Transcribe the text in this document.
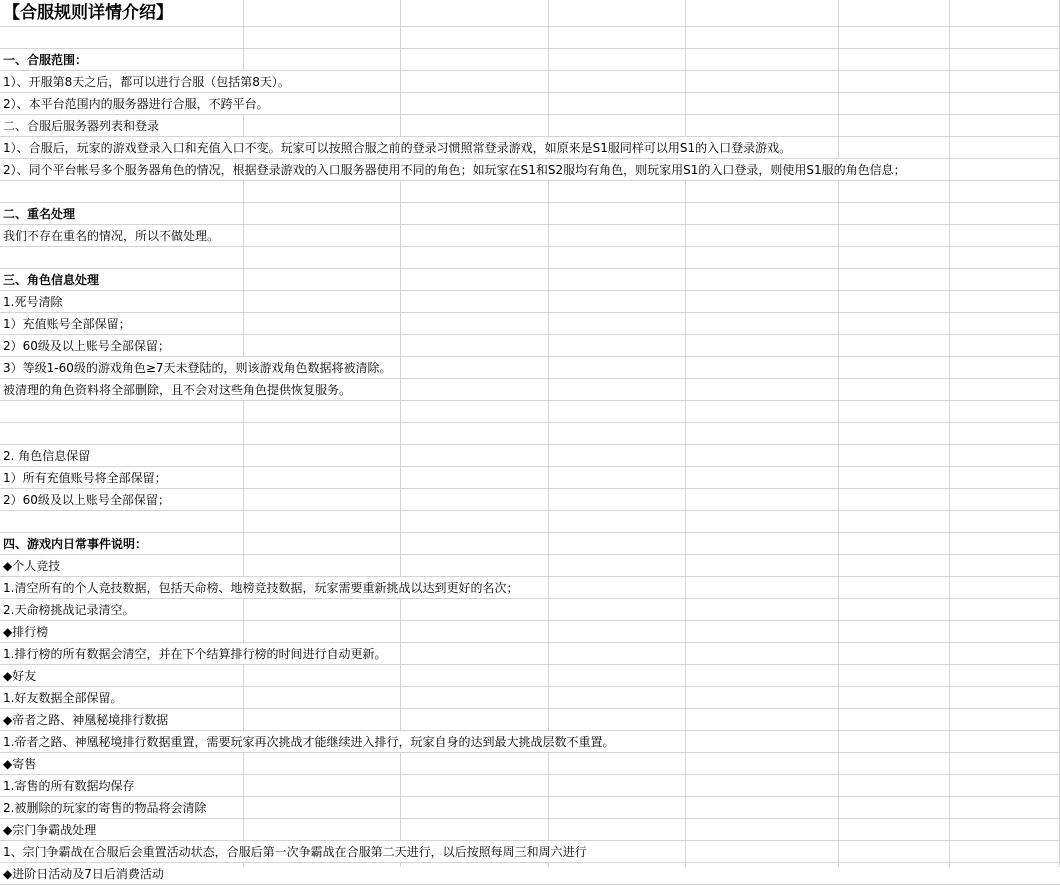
【合服规则详情介绍】
一、合服范围：
1）、开服第8天之后，都可以进行合服（包括第8天）。
2）、本平台范围内的服务器进行合服，不跨平台。
二、合服后服务器列表和登录
1）、合服后，玩家的游戏登录入口和充值入口不变。玩家可以按照合服之前的登录习惯照常登录游戏，如原来是S1服同样可以用S1的入口登录游戏。
2）、同个平台帐号多个服务器角色的情况，根据登录游戏的入口服务器使用不同的角色；如玩家在S1和S2服均有角色，则玩家用S1的入口登录，则使用S1服的角色信息；
二、重名处理
我们不存在重名的情况，所以不做处理。
三、角色信息处理
1.死号清除
1）充值账号全部保留；
2）60级及以上账号全部保留；
3）等级1-60级的游戏角色≥7天未登陆的，则该游戏角色数据将被清除。
被清理的角色资料将全部删除，且不会对这些角色提供恢复服务。
2. 角色信息保留
1）所有充值账号将全部保留；
2）60级及以上账号全部保留；
四、游戏内日常事件说明：
◆个人竞技
1.清空所有的个人竞技数据，包括天命榜、地榜竞技数据，玩家需要重新挑战以达到更好的名次；
2.天命榜挑战记录清空。
◆排行榜
1.排行榜的所有数据会清空，并在下个结算排行榜的时间进行自动更新。
◆好友
1.好友数据全部保留。
◆帝者之路、神凰秘境排行数据
1.帝者之路、神凰秘境排行数据重置，需要玩家再次挑战才能继续进入排行，玩家自身的达到最大挑战层数不重置。
◆寄售
1.寄售的所有数据均保存
2.被删除的玩家的寄售的物品将会清除
◆宗门争霸战处理
1、宗门争霸战在合服后会重置活动状态，合服后第一次争霸战在合服第二天进行，以后按照每周三和周六进行
◆进阶日活动及7日后消费活动
